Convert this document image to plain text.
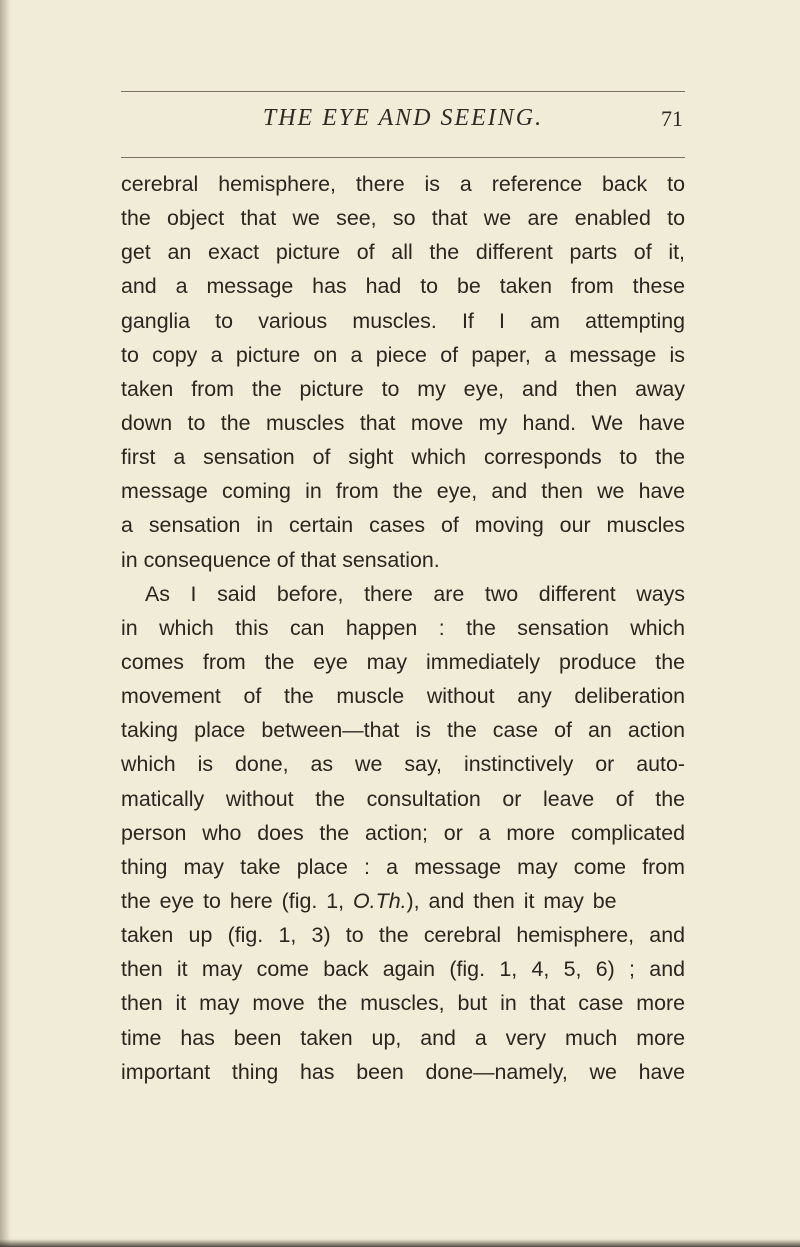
THE EYE AND SEEING.	71
cerebral hemisphere, there is a reference back to
the object that we see, so that we are enabled to
get an exact picture of all the different parts of it,
and a message has had to be taken from these
ganglia to various muscles. If I am attempting
to copy a picture on a piece of paper, a message is
taken from the picture to my eye, and then away
down to the muscles that move my hand. We have
first a sensation of sight which corresponds to the
message coming in from the eye, and then we have
a sensation in certain cases of moving our muscles
in consequence of that sensation.
As I said before, there are two different ways
in which this can happen : the sensation which
comes from the eye may immediately produce the
movement of the muscle without any deliberation
taking place between—that is the case of an action
which is done, as we say, instinctively or auto-
matically without the consultation or leave of the
person who does the action; or a more complicated
thing may take place : a message may come from
the eye to here (fig. 1, O.Th.), and then it may be
taken up (fig. 1, 3) to the cerebral hemisphere, and
then it may come back again (fig. 1, 4, 5, 6) ; and
then it may move the muscles, but in that case more
time has been taken up, and a very much more
important thing has been done—namely, we have
